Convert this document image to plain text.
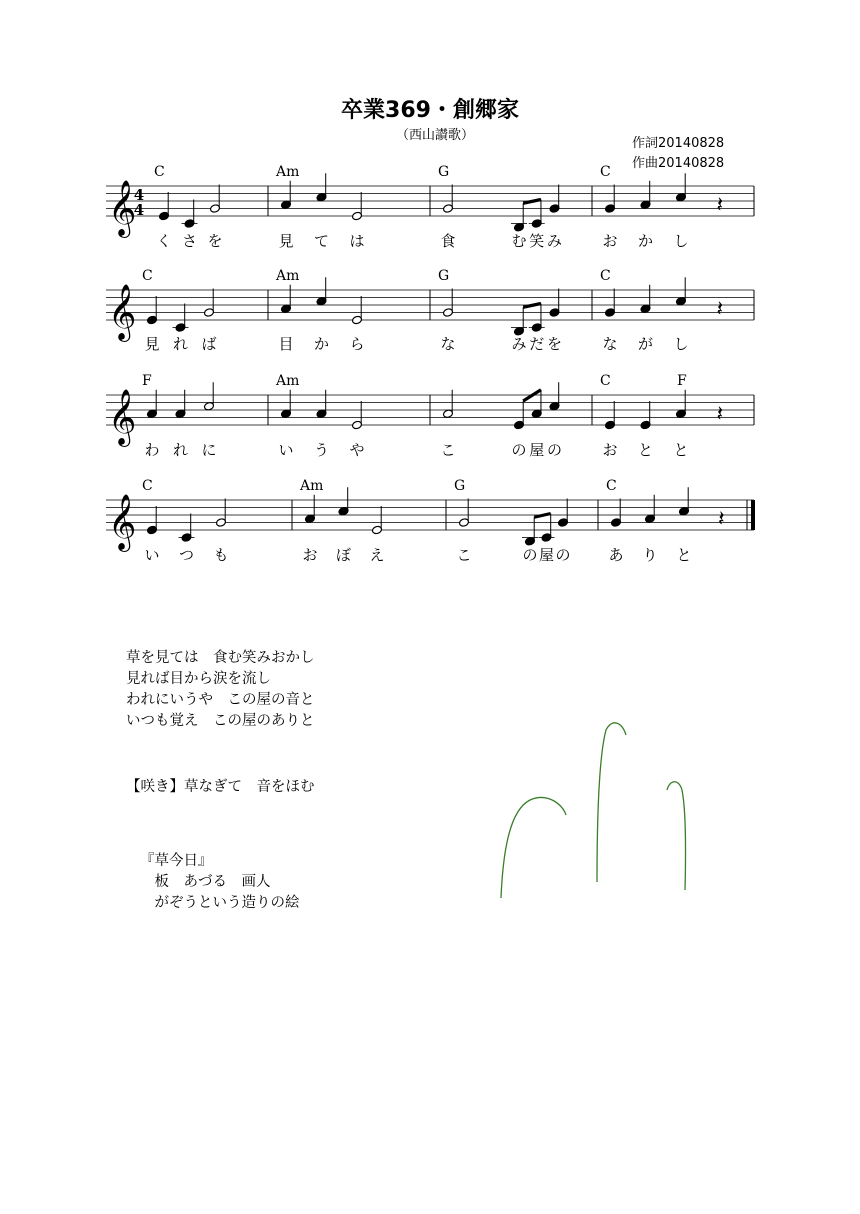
卒業369・創郷家
（西山讃歌）
作詞20140828
作曲20140828
𝄞	𝄽
4
4
C
く さ を
Am
見 て は
G
食	む 笑 み
C
お か し
𝄞	𝄽
C
見 れ ば
Am
目 か ら
G
な	み だ を
C
な が し
𝄞	𝄽
F
わ れ に
Am
い う や	こ	の 屋 の
C	F
お と と
𝄞	𝄽
C
い つ も
Am
お ぼ え
G
こ	の 屋 の
C
あ り と
草を見ては　食む笑みおかし
見れば目から涙を流し
われにいうや　この屋の音と
いつも覚え　この屋のありと
【咲き】草なぎて　音をほむ
『草今日』
　板　あづる　画人
　がぞうという造りの絵
